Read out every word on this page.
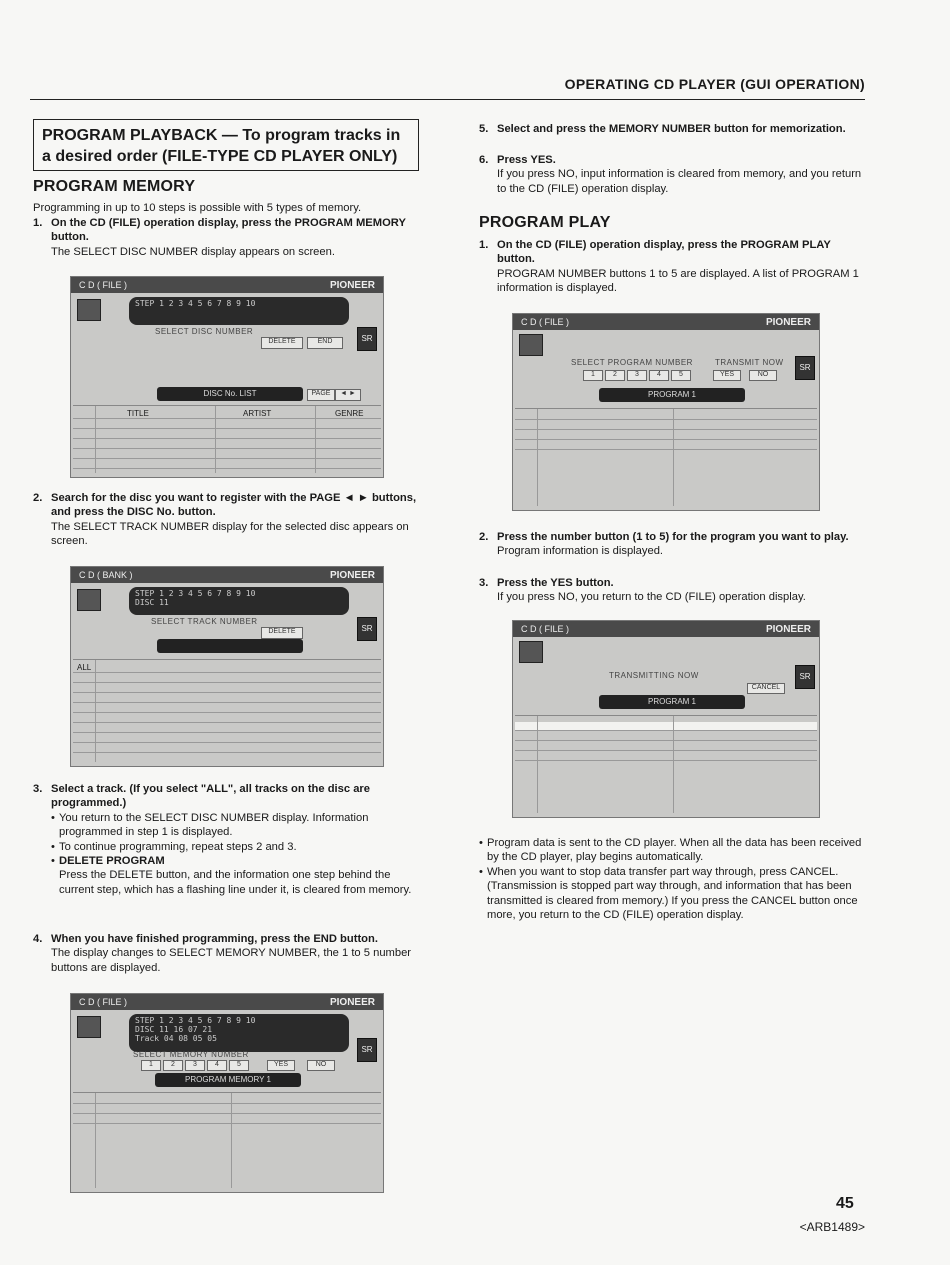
OPERATING CD PLAYER (GUI OPERATION)
PROGRAM PLAYBACK — To program tracks in
a desired order (FILE-TYPE CD PLAYER ONLY)
PROGRAM MEMORY
Programming in up to 10 steps is possible with 5 types of memory.
1. On the CD (FILE) operation display, press the PROGRAM MEMORY button.
The SELECT DISC NUMBER display appears on screen.
C D ( FILE )	PIONEER
STEP 1 2 3 4 5 6 7 8 9 10
SELECT DISC NUMBER
DELETE	END	SR
DISC No. LIST	PAGE	◄ ►
TITLE	ARTIST	GENRE
2. Search for the disc you want to register with the PAGE ◄ ► buttons, and press the DISC No. button.
The SELECT TRACK NUMBER display for the selected disc appears on screen.
C D ( BANK )	PIONEER
STEP 1 2 3 4 5 6 7 8 9 10
DISC 11
SELECT TRACK NUMBER
DELETE	SR
ALL
3. Select a track. (If you select "ALL", all tracks on the disc are programmed.)
• You return to the SELECT DISC NUMBER display. Information programmed in step 1 is displayed.
• To continue programming, repeat steps 2 and 3.
• DELETE PROGRAM
Press the DELETE button, and the information one step behind the current step, which has a flashing line under it, is cleared from memory.
4. When you have finished programming, press the END button.
The display changes to SELECT MEMORY NUMBER, the 1 to 5 number buttons are displayed.
C D ( FILE )	PIONEER
STEP 1 2 3 4 5 6 7 8 9 10
DISC 11 16 07 21
Track 04 08 05 05
SELECT MEMORY NUMBER
1	2	3	4	5	YES	NO
SR
PROGRAM MEMORY 1
5. Select and press the MEMORY NUMBER button for memorization.
6. Press YES.
If you press NO, input information is cleared from memory, and you return to the CD (FILE) operation display.
PROGRAM PLAY
1. On the CD (FILE) operation display, press the PROGRAM PLAY button.
PROGRAM NUMBER buttons 1 to 5 are displayed. A list of PROGRAM 1 information is displayed.
C D ( FILE )	PIONEER
SELECT PROGRAM NUMBER	TRANSMIT NOW
1	2	3	4	5	YES	NO
SR
PROGRAM 1
2. Press the number button (1 to 5) for the program you want to play.
Program information is displayed.
3. Press the YES button.
If you press NO, you return to the CD (FILE) operation display.
C D ( FILE )	PIONEER
TRANSMITTING NOW
CANCEL
SR
PROGRAM 1
• Program data is sent to the CD player. When all the data has been received by the CD player, play begins automatically.
• When you want to stop data transfer part way through, press CANCEL. (Transmission is stopped part way through, and information that has been transmitted is cleared from memory.) If you press the CANCEL button once more, you return to the CD (FILE) operation display.
45
<ARB1489>
